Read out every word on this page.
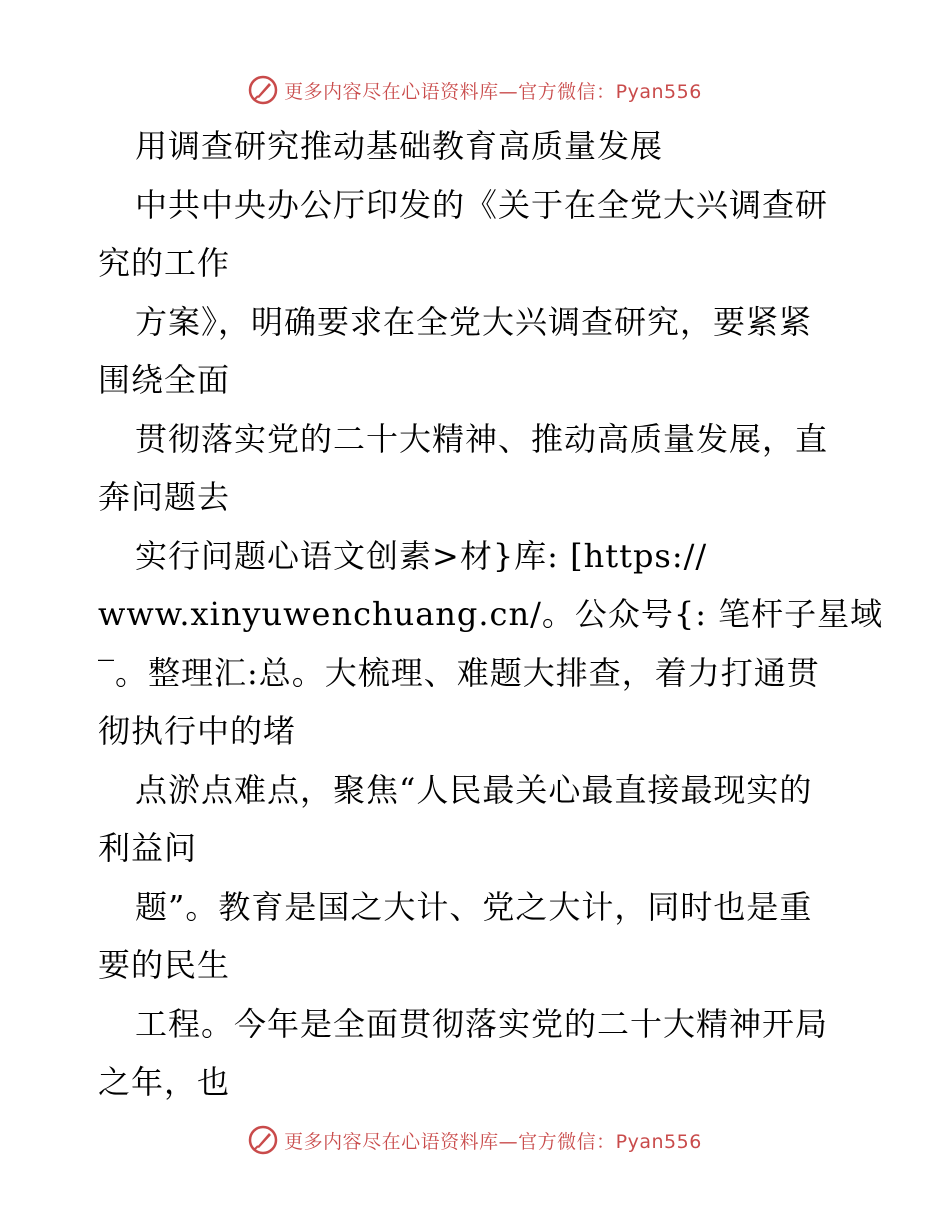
更多内容尽在心语资料库—官方微信：Pyan556
用调查研究推动基础教育高质量发展
中共中央办公厅印发的《关于在全党大兴调查研
究的工作
方案》，明确要求在全党大兴调查研究，要紧紧
围绕全面
贯彻落实党的二十大精神、推动高质量发展，直
奔问题去
实行问题心语文创素>材}库: [https://
www.xinyuwenchuang.cn/。公众号{: 笔杆子星域
‾。整理汇:总。大梳理、难题大排查，着力打通贯
彻执行中的堵
点淤点难点，聚焦“人民最关心最直接最现实的
利益问
题”。教育是国之大计、党之大计，同时也是重
要的民生
工程。今年是全面贯彻落实党的二十大精神开局
之年，也
更多内容尽在心语资料库—官方微信：Pyan556
